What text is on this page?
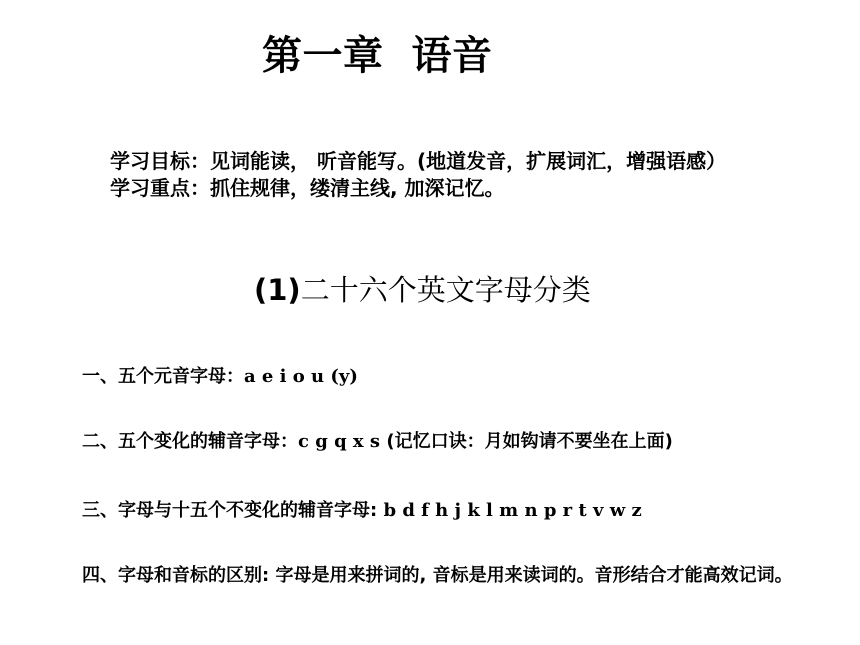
第一章 语音
学习目标：见词能读， 听音能写。(地道发音，扩展词汇，增强语感）
学习重点：抓住规律，缕清主线, 加深记忆。
(1)二十六个英文字母分类
一、五个元音字母：a e i o u (y)
二、五个变化的辅音字母：c g q x s (记忆口诀：月如钩请不要坐在上面)
三、字母与十五个不变化的辅音字母: b d f h j k l m n p r t v w z
四、字母和音标的区别: 字母是用来拼词的, 音标是用来读词的。音形结合才能高效记词。
